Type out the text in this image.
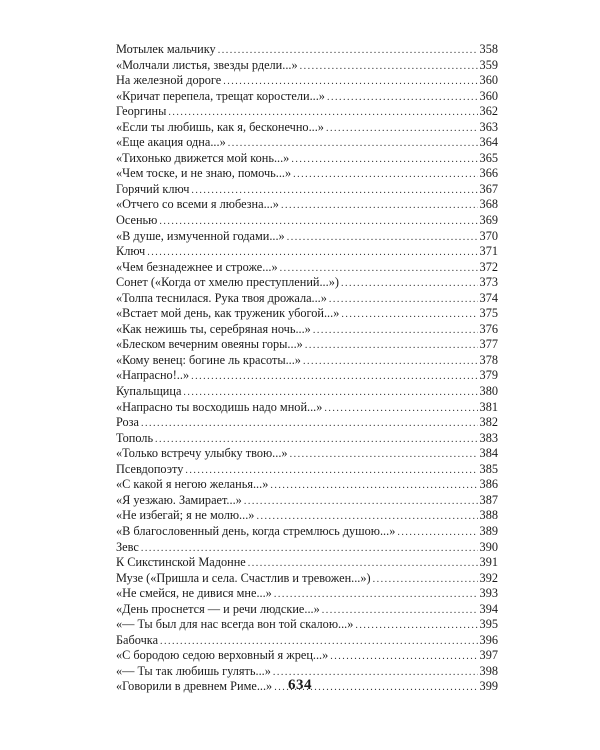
Мотылек мальчику . . .	358
«Молчали листья, звезды рдели...» . . .	359
На железной дороге . . .	360
«Кричат перепела, трещат коростели...» . . .	360
Георгины . . .	362
«Если ты любишь, как я, бесконечно...» . . .	363
«Еще акация одна...» . . .	364
«Тихонько движется мой конь...» . . .	365
«Чем тоске, и не знаю, помочь...» . . .	366
Горячий ключ . . .	367
«Отчего со всеми я любезна...» . . .	368
Осенью . . .	369
«В душе, измученной годами...» . . .	370
Ключ . . .	371
«Чем безнадежнее и строже...» . . .	372
Сонет («Когда от хмелю преступлений...») . . .	373
«Толпа теснилася. Рука твоя дрожала...» . . .	374
«Встает мой день, как труженик убогой...» . . .	375
«Как нежишь ты, серебряная ночь...» . . .	376
«Блеском вечерним овеяны горы...» . . .	377
«Кому венец: богине ль красоты...» . . .	378
«Напрасно!..» . . .	379
Купальщица . . .	380
«Напрасно ты восходишь надо мной...» . . .	381
Роза . . .	382
Тополь . . .	383
«Только встречу улыбку твою...» . . .	384
Псевдопоэту . . .	385
«С какой я негою желанья...» . . .	386
«Я уезжаю. Замирает...» . . .	387
«Не избегай; я не молю...» . . .	388
«В благословенный день, когда стремлюсь душою...» . . .	389
Зевс . . .	390
К Сикстинской Мадонне . . .	391
Музе («Пришла и села. Счастлив и тревожен...») . . .	392
«Не смейся, не дивися мне...» . . .	393
«День проснется — и речи людские...» . . .	394
«— Ты был для нас всегда вон той скалою...» . . .	395
Бабочка . . .	396
«С бородою седою верховный я жрец...» . . .	397
«— Ты так любишь гулять...» . . .	398
«Говорили в древнем Риме...» . . .	399
634
